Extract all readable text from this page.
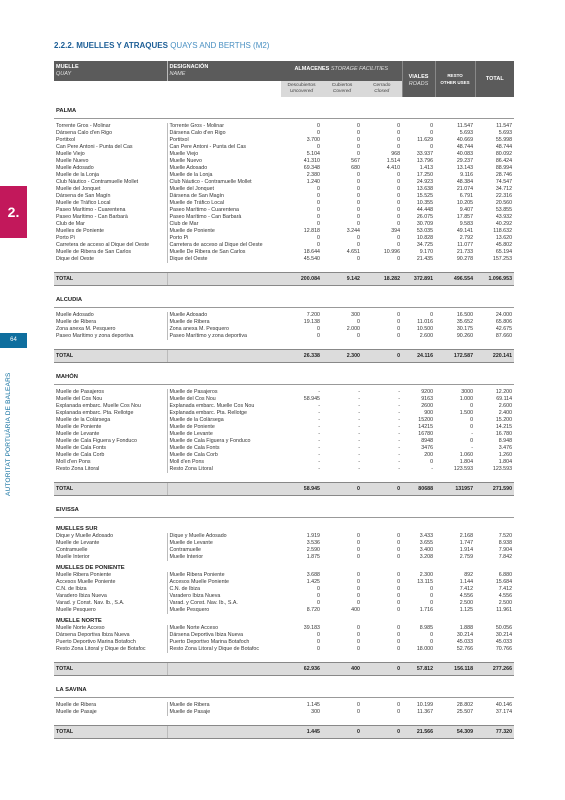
2.
64
AUTORITAT PORTUÀRIA DE BALEARS
2.2.2. MUELLES Y ATRAQUES QUAYS AND BERTHS (M2)
MUELLE
QUAY	DESIGNACIÓN
NAME	ALMACENES STORAGE FACILITIES			VIALES
ROADS	RESTO
OTHER USES	TOTAL
		Descubiertos
Uncovered	Cubiertos
Covered	Cerrado
Closed			

PALMA							

Torrente Gros - Molinar	Torrente Gros - Molinar	0	0	0	0	11.547	11.547
Dársena Calo d'en Rigo	Dársena Calo d'en Rigo	0	0	0	0	5.693	5.693
Portitxol	Portitxol	3.700	0	0	11.629	40.669	55.998
Can Pere Antoni - Punta del Cas	Can Pere Antoni - Punta del Cas	0	0	0	0	48.744	48.744
Muelle Viejo	Muelle Viejo	5.104	0	968	33.937	40.083	80.092
Muelle Nuevo	Muelle Nuevo	41.310	567	1.514	13.796	29.237	86.424
Muelle Adosado	Muelle Adosado	69.348	680	4.410	1.413	13.143	88.994
Muelle de la Lonja	Muelle de la Lonja	2.380	0	0	17.250	9.116	28.746
Club Náutico - Contramuelle Mollet	Club Náutico - Contramuelle Mollet	1.240	0	0	24.923	48.384	74.547
Muelle del Jonquet	Muelle del Jonquet	0	0	0	13.638	21.074	34.712
Dársena de San Magín	Dársena de San Magín	0	0	0	15.525	6.791	22.316
Muelle de Tráfico Local	Muelle de Tráfico Local	0	0	0	10.355	10.205	20.560
Paseo Marítimo - Cuarentena	Paseo Marítimo - Cuarentena	0	0	0	44.448	9.407	53.855
Paseo Marítimo - Can Barbarà	Paseo Marítimo - Can Barbarà	0	0	0	26.075	17.857	43.932
Club de Mar	Club de Mar	0	0	0	30.709	9.583	40.292
Muelles de Poniente	Muelle de Poniente	12.818	3.244	394	53.035	49.141	118.632
Porto Pi	Porto Pi	0	0	0	10.828	2.792	13.620
Carretera de acceso al Dique del Oeste	Carretera de acceso al Dique del Oeste	0	0	0	34.725	11.077	45.802
Muelle de Ribera de San Carlos	Muelle De Ribera de San Carlos	18.644	4.651	10.996	9.170	21.733	65.194
Dique del Oeste	Dique del Oeste	45.540	0	0	21.435	90.278	157.253

TOTAL		200.084	9.142	18.282	372.891	496.554	1.096.953

ALCUDIA							

Muelle Adosado	Muelle Adosado	7.200	300	0	0	16.500	24.000
Muelle de Ribera	Muelle de Ribera	19.138	0	0	11.016	35.652	65.806
Zona anexa M. Pesquero	Zona anexa M. Pesquero	0	2.000	0	10.500	30.175	42.675
Paseo Marítimo y zona deportiva	Paseo Marítimo y zona deportiva	0	0	0	2.600	90.260	87.660

TOTAL		26.338	2.300	0	24.116	172.587	220.141

MAHÓN							

Muelle de Pasajeros	Muelle de Pasajeros	-	-	-	9200	3000	12.200
Muelle del Cos Nou	Muelle del Cos Nou	58.945	-	-	9163	1.000	69.114
Explanada embarc. Muelle Cos Nou	Explanada embarc. Muelle Cos Nou	-	-	-	2600	0	2.600
Explanada embarc. Pta. Rellotge	Explanada embarc. Pta. Rellotge	-	-	-	900	1.500	2.400
Muelle de la Colàrsega	Muelle de la Colàrsega	-	-	-	15200	0	15.200
Muelle de Poniente	Muelle de Poniente	-	-	-	14215	0	14.215
Muelle de Levante	Muelle de Levante	-	-	-	16780	-	16.780
Muelle de Cala Figuera y Fonduco	Muelle de Cala Figuera y Fonduco	-	-	-	8948	0	8.948
Muelle de Cala Fonts	Muelle de Cala Fonts	-	-	-	3476	-	3.476
Muelle de Cala Corb	Muelle de Cala Corb	-	-	-	200	1.060	1.260
Moll d'en Pons	Moll d'en Pons	-	-	-	0	1.804	1.804
Resto Zona Litoral	Resto Zona Litoral	-	-	-	-	123.593	123.593

TOTAL		58.945	0	0	80688	131957	271.590

EIVISSA							

MUELLES SUR							
Dique y Muelle Adosado	Dique y Muelle Adosado	1.919	0	0	3.433	2.168	7.520
Muelle de Levante	Muelle de Levante	3.536	0	0	3.655	1.747	8.938
Contramuelle	Contramuelle	2.590	0	0	3.400	1.914	7.904
Muelle Interior	Muelle Interior	1.875	0	0	3.208	2.759	7.842
MUELLES DE PONIENTE							
Muelle Ribera Poniente	Muelle Ribera Poniente	3.688	0	0	2.300	892	6.880
Accesos Muelle Poniente	Accesos Muelle Poniente	1.425	0	0	13.115	1.144	15.684
C.N. de Ibiza	C.N. de Ibiza	0	0	0	0	7.412	7.412
Varadero Ibiza Nueva	Varadero Ibiza Nueva	0	0	0	0	4.556	4.556
Varad. y Const. Nav. Ib., S.A.	Varad. y Const. Nav. Ib., S.A.	0	0	0	0	2.500	2.500
Muelle Pesquero	Muelle Pesquero	8.720	400	0	1.716	1.125	11.961
MUELLE NORTE							
Muelle Norte Acceso	Muelle Norte Acceso	39.183	0	0	8.985	1.888	50.056
Dársena Deportiva Ibiza Nueva	Dársena Deportiva Ibiza Nueva	0	0	0	0	30.214	30.214
Puerto Deportivo Marina Botafoch	Puerto Deportivo Marina Botafoch	0	0	0	0	45.033	45.033
Resto Zona Litoral y Dique de Botafoc	Resto Zona Litoral y Dique de Botafoc	0	0	0	18.000	52.766	70.766

TOTAL		62.936	400	0	57.812	156.118	277.266

LA SAVINA							

Muelle de Ribera	Muelle de Ribera	1.145	0	0	10.199	28.802	40.146
Muelle de Pasaje	Muelle de Pasaje	300	0	0	11.367	25.507	37.174

TOTAL		1.445	0	0	21.566	54.309	77.320
